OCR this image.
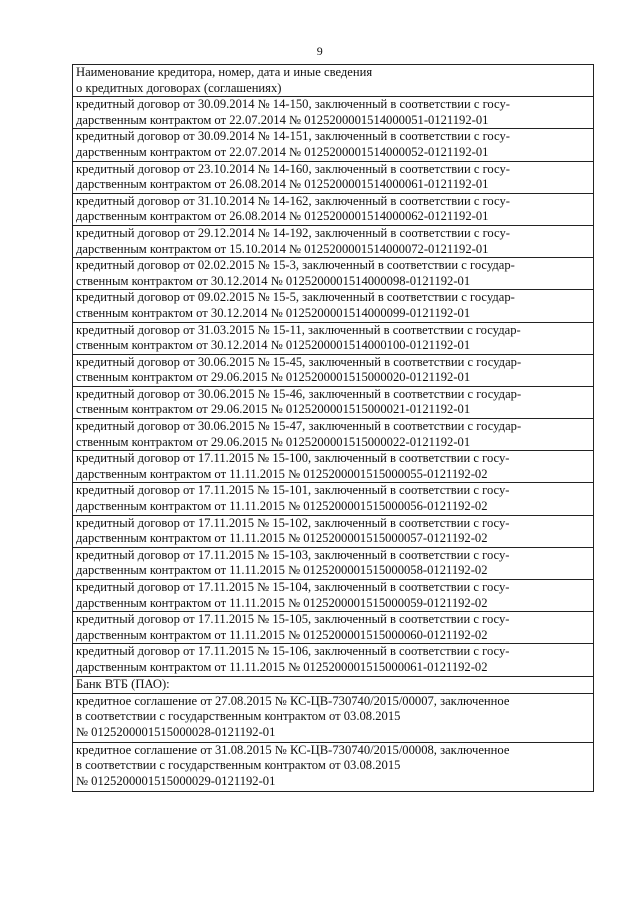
9
Наименование кредитора, номер, дата и иные сведения
о кредитных договорах (соглашениях)

кредитный договор от 30.09.2014 № 14-150, заключенный в соответствии с госу-
дарственным контрактом от 22.07.2014 № 0125200001514000051-0121192-01

кредитный договор от 30.09.2014 № 14-151, заключенный в соответствии с госу-
дарственным контрактом от 22.07.2014 № 0125200001514000052-0121192-01

кредитный договор от 23.10.2014 № 14-160, заключенный в соответствии с госу-
дарственным контрактом от 26.08.2014 № 0125200001514000061-0121192-01

кредитный договор от 31.10.2014 № 14-162, заключенный в соответствии с госу-
дарственным контрактом от 26.08.2014 № 0125200001514000062-0121192-01

кредитный договор от 29.12.2014 № 14-192, заключенный в соответствии с госу-
дарственным контрактом от 15.10.2014 № 0125200001514000072-0121192-01

кредитный договор от 02.02.2015 № 15-3, заключенный в соответствии с государ-
ственным контрактом от 30.12.2014 № 0125200001514000098-0121192-01

кредитный договор от 09.02.2015 № 15-5, заключенный в соответствии с государ-
ственным контрактом от 30.12.2014 № 0125200001514000099-0121192-01

кредитный договор от 31.03.2015 № 15-11, заключенный в соответствии с государ-
ственным контрактом от 30.12.2014 № 0125200001514000100-0121192-01

кредитный договор от 30.06.2015 № 15-45, заключенный в соответствии с государ-
ственным контрактом от 29.06.2015 № 0125200001515000020-0121192-01

кредитный договор от 30.06.2015 № 15-46, заключенный в соответствии с государ-
ственным контрактом от 29.06.2015 № 0125200001515000021-0121192-01

кредитный договор от 30.06.2015 № 15-47, заключенный в соответствии с государ-
ственным контрактом от 29.06.2015 № 0125200001515000022-0121192-01

кредитный договор от 17.11.2015 № 15-100, заключенный в соответствии с госу-
дарственным контрактом от 11.11.2015 № 0125200001515000055-0121192-02

кредитный договор от 17.11.2015 № 15-101, заключенный в соответствии с госу-
дарственным контрактом от 11.11.2015 № 0125200001515000056-0121192-02

кредитный договор от 17.11.2015 № 15-102, заключенный в соответствии с госу-
дарственным контрактом от 11.11.2015 № 0125200001515000057-0121192-02

кредитный договор от 17.11.2015 № 15-103, заключенный в соответствии с госу-
дарственным контрактом от 11.11.2015 № 0125200001515000058-0121192-02

кредитный договор от 17.11.2015 № 15-104, заключенный в соответствии с госу-
дарственным контрактом от 11.11.2015 № 0125200001515000059-0121192-02

кредитный договор от 17.11.2015 № 15-105, заключенный в соответствии с госу-
дарственным контрактом от 11.11.2015 № 0125200001515000060-0121192-02

кредитный договор от 17.11.2015 № 15-106, заключенный в соответствии с госу-
дарственным контрактом от 11.11.2015 № 0125200001515000061-0121192-02

Банк ВТБ (ПАО):

кредитное соглашение от 27.08.2015 № КС-ЦВ-730740/2015/00007, заключенное
в соответствии с государственным контрактом от 03.08.2015
№ 0125200001515000028-0121192-01

кредитное соглашение от 31.08.2015 № КС-ЦВ-730740/2015/00008, заключенное
в соответствии с государственным контрактом от 03.08.2015
№ 0125200001515000029-0121192-01
